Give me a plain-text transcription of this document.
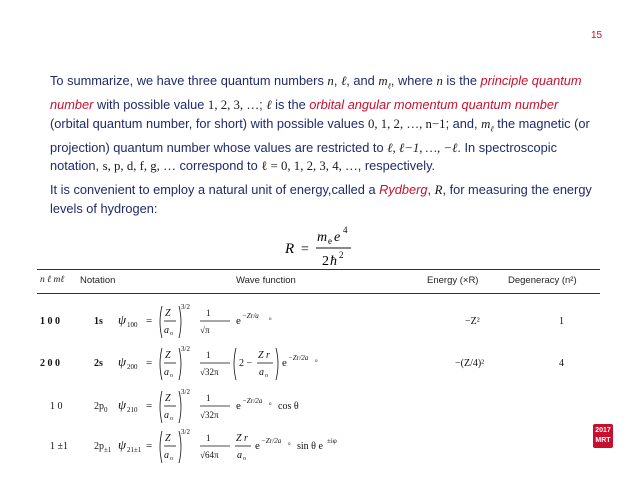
15
To summarize, we have three quantum numbers n, ℓ, and $m_\ell$, where n is the principle quantum number with possible value 1, 2, 3, …; ℓ is the orbital angular momentum quantum number (orbital quantum number, for short) with possible values 0, 1, 2, …, n−1; and, $m_\ell$ the magnetic (or projection) quantum number whose values are restricted to ℓ, ℓ−1, …, −ℓ. In spectroscopic notation, s, p, d, f, g, … correspond to ℓ = 0, 1, 2, 3, 4, …, respectively.
It is convenient to employ a natural unit of energy,called a Rydberg, R, for measuring the energy levels of hydrogen:
R =
m e e 4
2 ħ 2
n ℓ mℓ Notation	Wave function	Energy (×R)	Degeneracy (n²)
1 0 0	1s ψ 100 =
Z
a o
3/2
1
√π
e −Zr/a o	−Z²	1
2 0 0	2s ψ 200 =
Z
a o
3/2
1
√32π
2 −
Z r
a o
e −Zr/2a o	−(Z/4)²	4
1 0	$2p_0$ ψ 210 =
Z
a o
3/2
1
√32π
e −Zr/2a o cos θ
1 ±1	$2p_{\pm 1}$ ψ 21±1 =
Z
a o
3/2
1
√64π
Z r
a o
e −Zr/2a o sin θ e ±iφ
2017
MRT
